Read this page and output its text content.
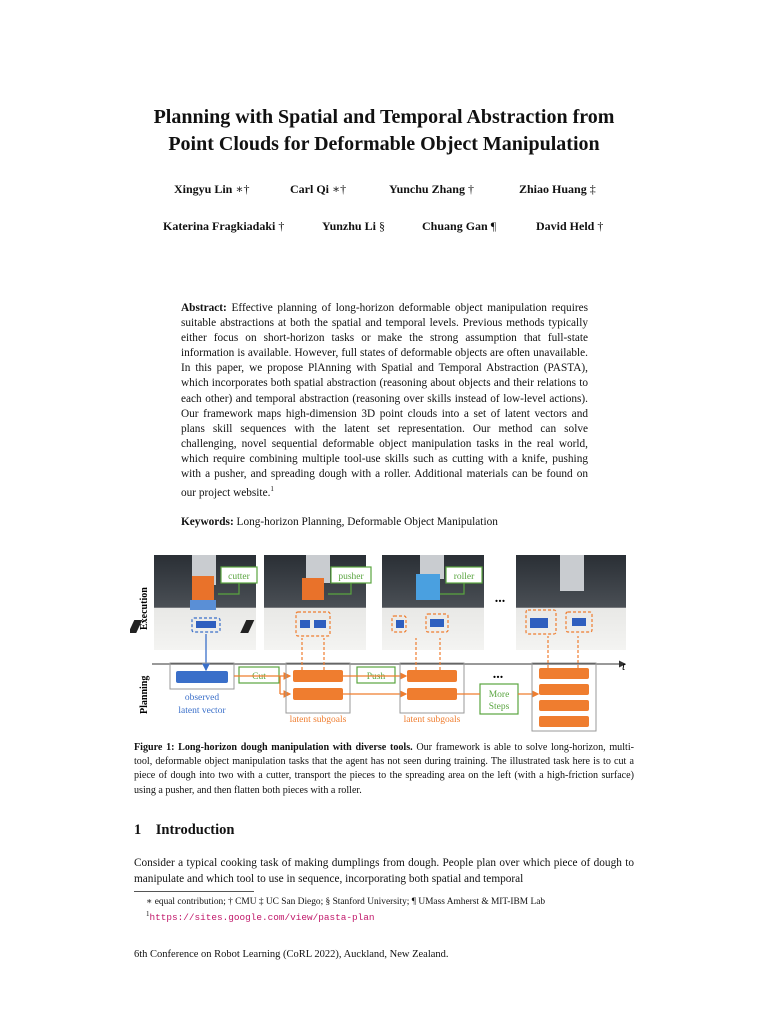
Planning with Spatial and Temporal Abstraction from
Point Clouds for Deformable Object Manipulation
Xingyu Lin ∗†	Carl Qi ∗†	Yunchu Zhang †	Zhiao Huang ‡
Katerina Fragkiadaki †	Yunzhu Li §	Chuang Gan ¶	David Held †
Abstract: Effective planning of long-horizon deformable object manipulation requires suitable abstractions at both the spatial and temporal levels. Previous methods typically either focus on short-horizon tasks or make the strong assumption that full-state information is available. However, full states of deformable objects are often unavailable. In this paper, we propose PlAnning with Spatial and Temporal Abstraction (PASTA), which incorporates both spatial abstraction (reasoning about objects and their relations to each other) and temporal abstraction (reasoning over skills instead of low-level actions). Our framework maps high-dimension 3D point clouds into a set of latent vectors and plans skill sequences with the latent set representation. Our method can solve challenging, novel sequential deformable object manipulation tasks in the real world, which require combining multiple tool-use skills such as cutting with a knife, pushing with a pusher, and spreading dough with a roller. Additional materials can be found on our project website.$^1$
Keywords: Long-horizon Planning, Deformable Object Manipulation
Execution
Planning
cutter	pusher	roller
...
t
observed
latent vector
Cut
latent subgoals
Push
latent subgoals
...
More
Steps
Figure 1: Long-horizon dough manipulation with diverse tools. Our framework is able to solve long-horizon, multi-tool, deformable object manipulation tasks that the agent has not seen during training. The illustrated task here is to cut a piece of dough into two with a cutter, transport the pieces to the spreading area on the left (with a high-friction surface) using a pusher, and then flatten both pieces with a roller.
1 Introduction
Consider a typical cooking task of making dumplings from dough. People plan over which piece of dough to manipulate and which tool to use in sequence, incorporating both spatial and temporal
∗ equal contribution; † CMU ‡ UC San Diego; § Stanford University; ¶ UMass Amherst & MIT-IBM Lab
$^1$https://sites.google.com/view/pasta-plan
6th Conference on Robot Learning (CoRL 2022), Auckland, New Zealand.
